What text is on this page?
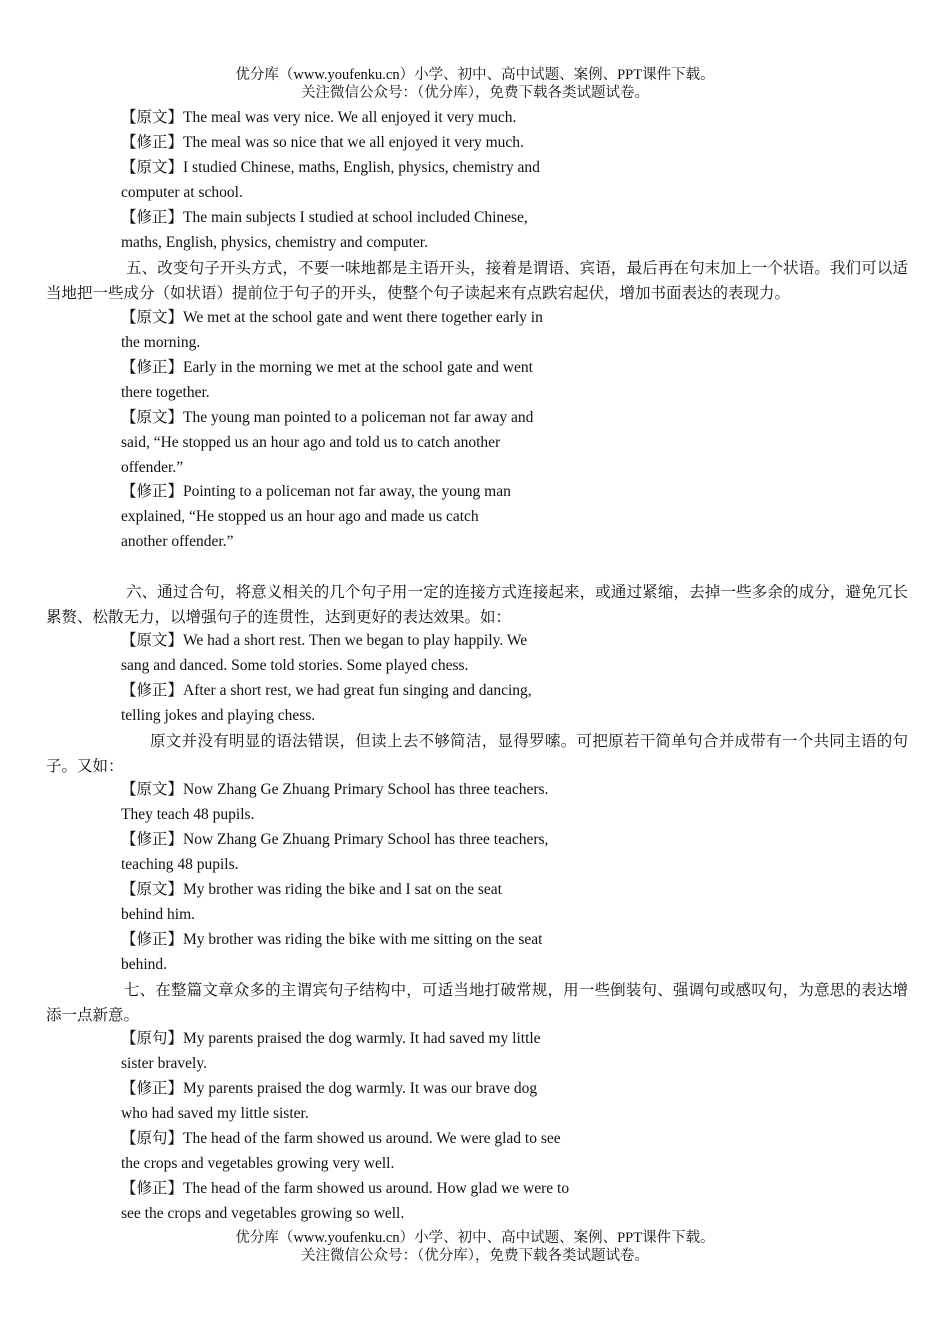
优分库（www.youfenku.cn）小学、初中、高中试题、案例、PPT课件下载。

关注微信公众号：（优分库），免费下载各类试题试卷。

【原文】The meal was very nice. We all enjoyed it very much.

【修正】The meal was so nice that we all enjoyed it very much.

【原文】I studied Chinese, maths, English, physics, chemistry and

computer at school.

【修正】The main subjects I studied at school included Chinese,

maths, English, physics, chemistry and computer.

五、改变句子开头方式，不要一味地都是主语开头，接着是谓语、宾语，最后再在句末加上一个状语。我们可以适当地把一些成分（如状语）提前位于句子的开头，使整个句子读起来有点跌宕起伏，增加书面表达的表现力。

【原文】We met at the school gate and went there together early in

the morning.

【修正】Early in the morning we met at the school gate and went

there together.

【原文】The young man pointed to a policeman not far away and

said, “He stopped us an hour ago and told us to catch another

offender.”

【修正】Pointing to a policeman not far away, the young man

explained, “He stopped us an hour ago and made us catch

another offender.”

六、通过合句，将意义相关的几个句子用一定的连接方式连接起来，或通过紧缩，去掉一些多余的成分，避免冗长累赘、松散无力，以增强句子的连贯性，达到更好的表达效果。如：

【原文】We had a short rest. Then we began to play happily. We

sang and danced. Some told stories. Some played chess.

【修正】After a short rest, we had great fun singing and dancing,

telling jokes and playing chess.

原文并没有明显的语法错误，但读上去不够简洁，显得罗嗦。可把原若干简单句合并成带有一个共同主语的句子。又如：

【原文】Now Zhang Ge Zhuang Primary School has three teachers.

They teach 48 pupils.

【修正】Now Zhang Ge Zhuang Primary School has three teachers,

teaching 48 pupils.

【原文】My brother was riding the bike and I sat on the seat

behind him.

【修正】My brother was riding the bike with me sitting on the seat

behind.

七、在整篇文章众多的主谓宾句子结构中，可适当地打破常规，用一些倒装句、强调句或感叹句，为意思的表达增添一点新意。

【原句】My parents praised the dog warmly. It had saved my little

sister bravely.

【修正】My parents praised the dog warmly. It was our brave dog

who had saved my little sister.

【原句】The head of the farm showed us around. We were glad to see

the crops and vegetables growing very well.

【修正】The head of the farm showed us around. How glad we were to

see the crops and vegetables growing so well.

优分库（www.youfenku.cn）小学、初中、高中试题、案例、PPT课件下载。

关注微信公众号：（优分库），免费下载各类试题试卷。
